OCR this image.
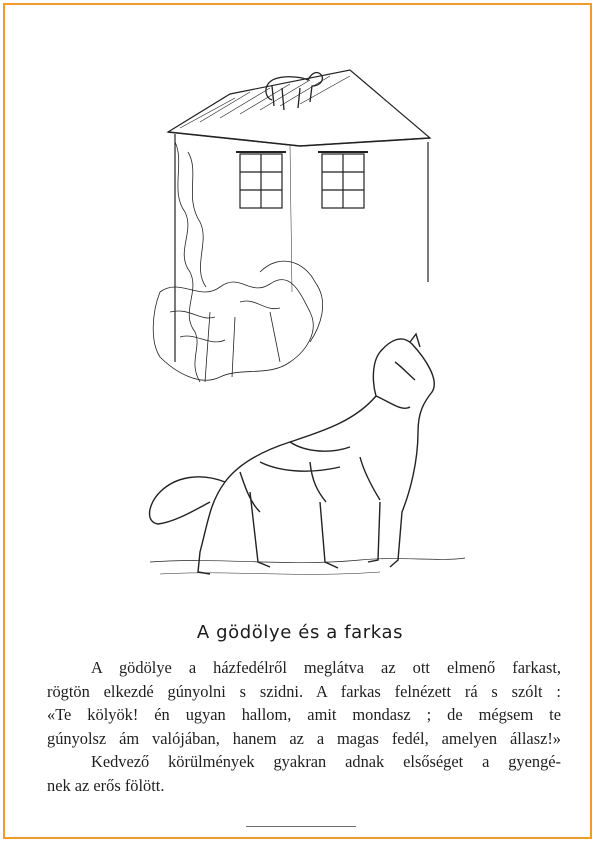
A gödölye és a farkas
A gödölye a házfedélről meglátva az ott elmenő farkast,
rögtön elkezdé gúnyolni s szidni. A farkas felnézett rá s szólt :
«Te kölyök! én ugyan hallom, amit mondasz ; de mégsem te
gúnyolsz ám valójában, hanem az a magas fedél, amelyen állasz!»
Kedvező körülmények gyakran adnak elsőséget a gyengé-
nek az erős fölött.
